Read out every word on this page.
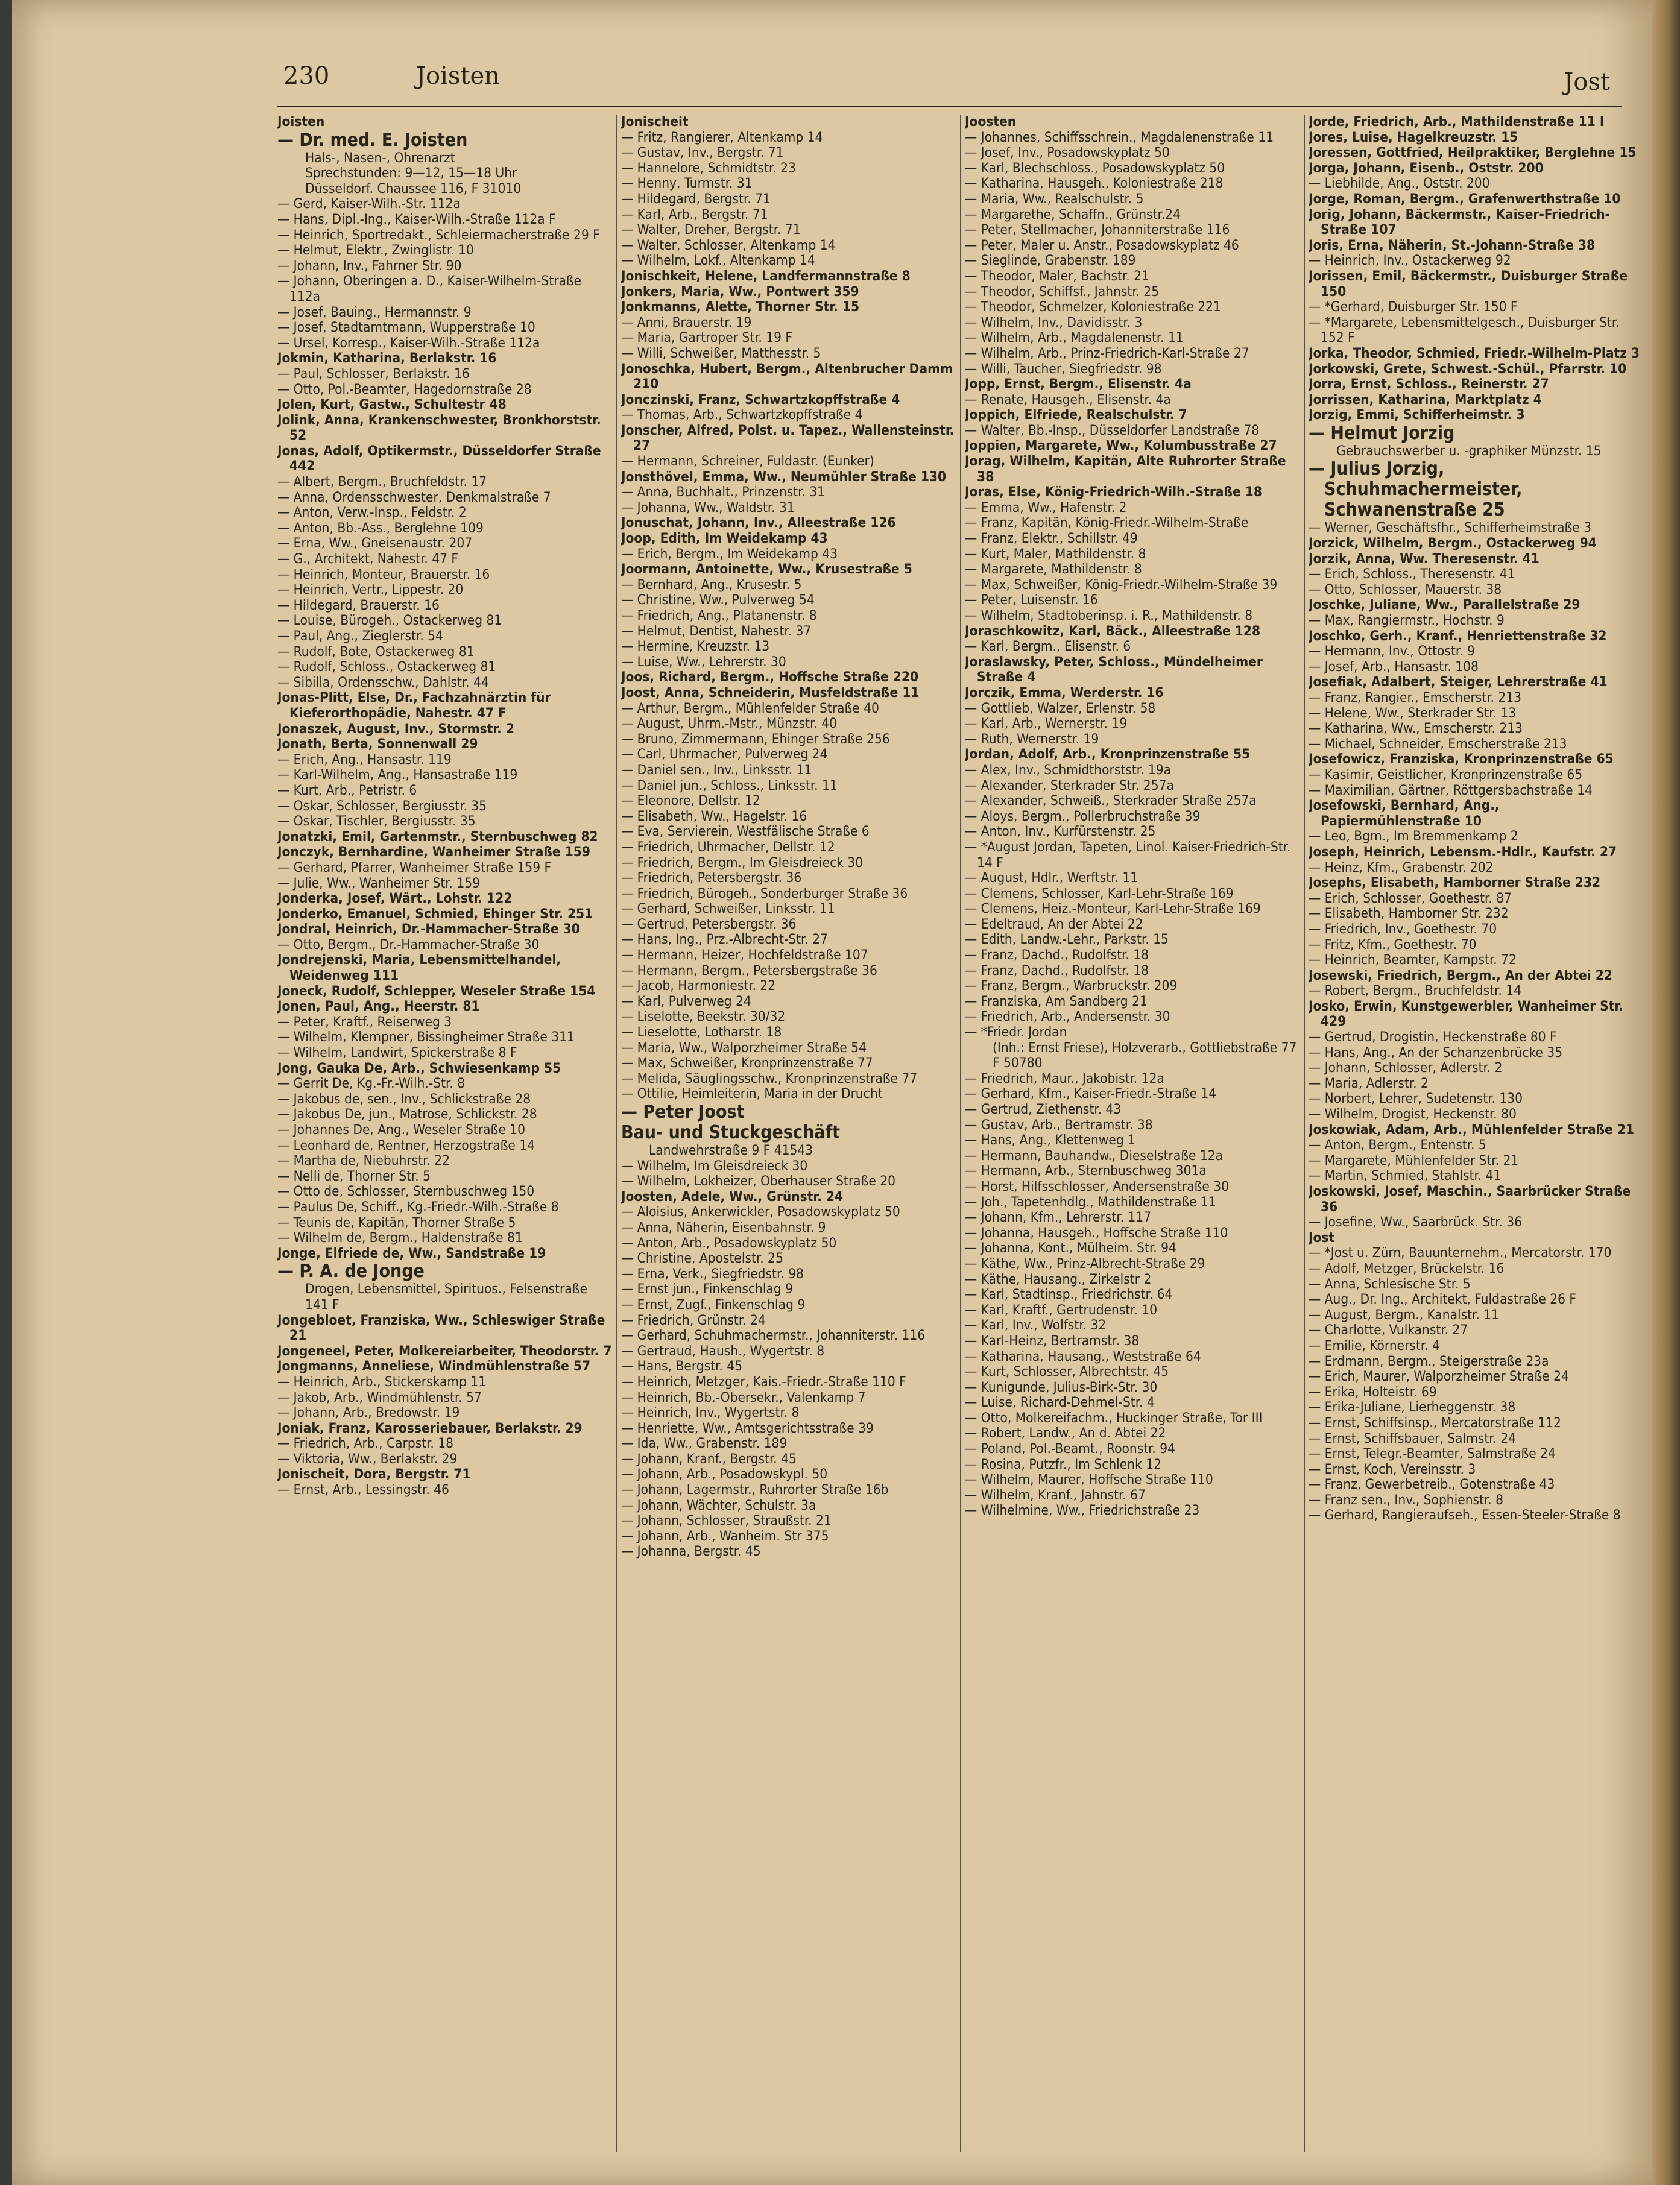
230	Joisten	Jost

Joisten

— Dr. med. E. Joisten

Hals-, Nasen-, Ohrenarzt

Sprechstunden: 9—12, 15—18 Uhr

Düsseldorf. Chaussee 116, F 31010

— Gerd, Kaiser-Wilh.-Str. 112a

— Hans, Dipl.-Ing., Kaiser-Wilh.-Straße 112a F

— Heinrich, Sportredakt., Schleiermacherstraße 29 F

— Helmut, Elektr., Zwinglistr. 10

— Johann, Inv., Fahrner Str. 90

— Johann, Oberingen a. D., Kaiser-Wilhelm-Straße 112a

— Josef, Bauing., Hermannstr. 9

— Josef, Stadtamtmann, Wupperstraße 10

— Ursel, Korresp., Kaiser-Wilh.-Straße 112a

Jokmin, Katharina, Berlakstr. 16

— Paul, Schlosser, Berlakstr. 16

— Otto, Pol.-Beamter, Hagedornstraße 28

Jolen, Kurt, Gastw., Schultestr 48

Jolink, Anna, Krankenschwester, Bronkhorststr. 52

Jonas, Adolf, Optikermstr., Düsseldorfer Straße 442

— Albert, Bergm., Bruchfeldstr. 17

— Anna, Ordensschwester, Denkmalstraße 7

— Anton, Verw.-Insp., Feldstr. 2

— Anton, Bb.-Ass., Berglehne 109

— Erna, Ww., Gneisenaustr. 207

— G., Architekt, Nahestr. 47 F

— Heinrich, Monteur, Brauerstr. 16

— Heinrich, Vertr., Lippestr. 20

— Hildegard, Brauerstr. 16

— Louise, Bürogeh., Ostackerweg 81

— Paul, Ang., Zieglerstr. 54

— Rudolf, Bote, Ostackerweg 81

— Rudolf, Schloss., Ostackerweg 81

— Sibilla, Ordensschw., Dahlstr. 44

Jonas-Plitt, Else, Dr., Fachzahnärztin für Kieferorthopädie, Nahestr. 47 F

Jonaszek, August, Inv., Stormstr. 2

Jonath, Berta, Sonnenwall 29

— Erich, Ang., Hansastr. 119

— Karl-Wilhelm, Ang., Hansastraße 119

— Kurt, Arb., Petristr. 6

— Oskar, Schlosser, Bergiusstr. 35

— Oskar, Tischler, Bergiusstr. 35

Jonatzki, Emil, Gartenmstr., Sternbuschweg 82

Jonczyk, Bernhardine, Wanheimer Straße 159

— Gerhard, Pfarrer, Wanheimer Straße 159 F

— Julie, Ww., Wanheimer Str. 159

Jonderka, Josef, Wärt., Lohstr. 122

Jonderko, Emanuel, Schmied, Ehinger Str. 251

Jondral, Heinrich, Dr.-Hammacher-Straße 30

— Otto, Bergm., Dr.-Hammacher-Straße 30

Jondrejenski, Maria, Lebensmittelhandel, Weidenweg 111

Joneck, Rudolf, Schlepper, Weseler Straße 154

Jonen, Paul, Ang., Heerstr. 81

— Peter, Kraftf., Reiserweg 3

— Wilhelm, Klempner, Bissingheimer Straße 311

— Wilhelm, Landwirt, Spickerstraße 8 F

Jong, Gauka De, Arb., Schwiesenkamp 55

— Gerrit De, Kg.-Fr.-Wilh.-Str. 8

— Jakobus de, sen., Inv., Schlickstraße 28

— Jakobus De, jun., Matrose, Schlickstr. 28

— Johannes De, Ang., Weseler Straße 10

— Leonhard de, Rentner, Herzogstraße 14

— Martha de, Niebuhrstr. 22

— Nelli de, Thorner Str. 5

— Otto de, Schlosser, Sternbuschweg 150

— Paulus De, Schiff., Kg.-Friedr.-Wilh.-Straße 8

— Teunis de, Kapitän, Thorner Straße 5

— Wilhelm de, Bergm., Haldenstraße 81

Jonge, Elfriede de, Ww., Sandstraße 19

— P. A. de Jonge

Drogen, Lebensmittel, Spirituos., Felsenstraße 141 F

Jongebloet, Franziska, Ww., Schleswiger Straße 21

Jongeneel, Peter, Molkereiarbeiter, Theodorstr. 7

Jongmanns, Anneliese, Windmühlenstraße 57

— Heinrich, Arb., Stickerskamp 11

— Jakob, Arb., Windmühlenstr. 57

— Johann, Arb., Bredowstr. 19

Joniak, Franz, Karosseriebauer, Berlakstr. 29

— Friedrich, Arb., Carpstr. 18

— Viktoria, Ww., Berlakstr. 29

Jonischeit, Dora, Bergstr. 71

— Ernst, Arb., Lessingstr. 46

Jonischeit

— Fritz, Rangierer, Altenkamp 14

— Gustav, Inv., Bergstr. 71

— Hannelore, Schmidtstr. 23

— Henny, Turmstr. 31

— Hildegard, Bergstr. 71

— Karl, Arb., Bergstr. 71

— Walter, Dreher, Bergstr. 71

— Walter, Schlosser, Altenkamp 14

— Wilhelm, Lokf., Altenkamp 14

Jonischkeit, Helene, Landfermannstraße 8

Jonkers, Maria, Ww., Pontwert 359

Jonkmanns, Alette, Thorner Str. 15

— Anni, Brauerstr. 19

— Maria, Gartroper Str. 19 F

— Willi, Schweißer, Matthesstr. 5

Jonoschka, Hubert, Bergm., Altenbrucher Damm 210

Jonczinski, Franz, Schwartzkopffstraße 4

— Thomas, Arb., Schwartzkopffstraße 4

Jonscher, Alfred, Polst. u. Tapez., Wallensteinstr. 27

— Hermann, Schreiner, Fuldastr. (Eunker)

Jonsthövel, Emma, Ww., Neumühler Straße 130

— Anna, Buchhalt., Prinzenstr. 31

— Johanna, Ww., Waldstr. 31

Jonuschat, Johann, Inv., Alleestraße 126

Joop, Edith, Im Weidekamp 43

— Erich, Bergm., Im Weidekamp 43

Joormann, Antoinette, Ww., Krusestraße 5

— Bernhard, Ang., Krusestr. 5

— Christine, Ww., Pulverweg 54

— Friedrich, Ang., Platanenstr. 8

— Helmut, Dentist, Nahestr. 37

— Hermine, Kreuzstr. 13

— Luise, Ww., Lehrerstr. 30

Joos, Richard, Bergm., Hoffsche Straße 220

Joost, Anna, Schneiderin, Musfeldstraße 11

— Arthur, Bergm., Mühlenfelder Straße 40

— August, Uhrm.-Mstr., Münzstr. 40

— Bruno, Zimmermann, Ehinger Straße 256

— Carl, Uhrmacher, Pulverweg 24

— Daniel sen., Inv., Linksstr. 11

— Daniel jun., Schloss., Linksstr. 11

— Eleonore, Dellstr. 12

— Elisabeth, Ww., Hagelstr. 16

— Eva, Servierein, Westfälische Straße 6

— Friedrich, Uhrmacher, Dellstr. 12

— Friedrich, Bergm., Im Gleisdreieck 30

— Friedrich, Petersbergstr. 36

— Friedrich, Bürogeh., Sonderburger Straße 36

— Gerhard, Schweißer, Linksstr. 11

— Gertrud, Petersbergstr. 36

— Hans, Ing., Prz.-Albrecht-Str. 27

— Hermann, Heizer, Hochfeldstraße 107

— Hermann, Bergm., Petersbergstraße 36

— Jacob, Harmoniestr. 22

— Karl, Pulverweg 24

— Liselotte, Beekstr. 30/32

— Lieselotte, Lotharstr. 18

— Maria, Ww., Walporzheimer Straße 54

— Max, Schweißer, Kronprinzenstraße 77

— Melida, Säuglingsschw., Kronprinzenstraße 77

— Ottilie, Heimleiterin, Maria in der Drucht

— Peter Joost

Bau- und Stuckgeschäft

Landwehrstraße 9 F 41543

— Wilhelm, Im Gleisdreieck 30

— Wilhelm, Lokheizer, Oberhauser Straße 20

Joosten, Adele, Ww., Grünstr. 24

— Aloisius, Ankerwickler, Posadowskyplatz 50

— Anna, Näherin, Eisenbahnstr. 9

— Anton, Arb., Posadowskyplatz 50

— Christine, Apostelstr. 25

— Erna, Verk., Siegfriedstr. 98

— Ernst jun., Finkenschlag 9

— Ernst, Zugf., Finkenschlag 9

— Friedrich, Grünstr. 24

— Gerhard, Schuhmachermstr., Johanniterstr. 116

— Gertraud, Haush., Wygertstr. 8

— Hans, Bergstr. 45

— Heinrich, Metzger, Kais.-Friedr.-Straße 110 F

— Heinrich, Bb.-Obersekr., Valenkamp 7

— Heinrich, Inv., Wygertstr. 8

— Henriette, Ww., Amtsgerichtsstraße 39

— Ida, Ww., Grabenstr. 189

— Johann, Kranf., Bergstr. 45

— Johann, Arb., Posadowskypl. 50

— Johann, Lagermstr., Ruhrorter Straße 16b

— Johann, Wächter, Schulstr. 3a

— Johann, Schlosser, Straußstr. 21

— Johann, Arb., Wanheim. Str 375

— Johanna, Bergstr. 45

Joosten

— Johannes, Schiffsschrein., Magdalenenstraße 11

— Josef, Inv., Posadowskyplatz 50

— Karl, Blechschloss., Posadowskyplatz 50

— Katharina, Hausgeh., Koloniestraße 218

— Maria, Ww., Realschulstr. 5

— Margarethe, Schaffn., Grünstr.24

— Peter, Stellmacher, Johanniterstraße 116

— Peter, Maler u. Anstr., Posadowskyplatz 46

— Sieglinde, Grabenstr. 189

— Theodor, Maler, Bachstr. 21

— Theodor, Schiffsf., Jahnstr. 25

— Theodor, Schmelzer, Koloniestraße 221

— Wilhelm, Inv., Davidisstr. 3

— Wilhelm, Arb., Magdalenenstr. 11

— Wilhelm, Arb., Prinz-Friedrich-Karl-Straße 27

— Willi, Taucher, Siegfriedstr. 98

Jopp, Ernst, Bergm., Elisenstr. 4a

— Renate, Hausgeh., Elisenstr. 4a

Joppich, Elfriede, Realschulstr. 7

— Walter, Bb.-Insp., Düsseldorfer Landstraße 78

Joppien, Margarete, Ww., Kolumbusstraße 27

Jorag, Wilhelm, Kapitän, Alte Ruhrorter Straße 38

Joras, Else, König-Friedrich-Wilh.-Straße 18

— Emma, Ww., Hafenstr. 2

— Franz, Kapitän, König-Friedr.-Wilhelm-Straße

— Franz, Elektr., Schillstr. 49

— Kurt, Maler, Mathildenstr. 8

— Margarete, Mathildenstr. 8

— Max, Schweißer, König-Friedr.-Wilhelm-Straße 39

— Peter, Luisenstr. 16

— Wilhelm, Stadtoberinsp. i. R., Mathildenstr. 8

Joraschkowitz, Karl, Bäck., Alleestraße 128

— Karl, Bergm., Elisenstr. 6

Joraslawsky, Peter, Schloss., Mündelheimer Straße 4

Jorczik, Emma, Werderstr. 16

— Gottlieb, Walzer, Erlenstr. 58

— Karl, Arb., Wernerstr. 19

— Ruth, Wernerstr. 19

Jordan, Adolf, Arb., Kronprinzenstraße 55

— Alex, Inv., Schmidthorststr. 19a

— Alexander, Sterkrader Str. 257a

— Alexander, Schweiß., Sterkrader Straße 257a

— Aloys, Bergm., Pollerbruchstraße 39

— Anton, Inv., Kurfürstenstr. 25

— *August Jordan, Tapeten, Linol. Kaiser-Friedrich-Str. 14 F

— August, Hdlr., Werftstr. 11

— Clemens, Schlosser, Karl-Lehr-Straße 169

— Clemens, Heiz.-Monteur, Karl-Lehr-Straße 169

— Edeltraud, An der Abtei 22

— Edith, Landw.-Lehr., Parkstr. 15

— Franz, Dachd., Rudolfstr. 18

— Franz, Dachd., Rudolfstr. 18

— Franz, Bergm., Warbruckstr. 209

— Franziska, Am Sandberg 21

— Friedrich, Arb., Andersenstr. 30

— *Friedr. Jordan

(Inh.: Ernst Friese), Holzverarb., Gottliebstraße 77 F 50780

— Friedrich, Maur., Jakobistr. 12a

— Gerhard, Kfm., Kaiser-Friedr.-Straße 14

— Gertrud, Ziethenstr. 43

— Gustav, Arb., Bertramstr. 38

— Hans, Ang., Klettenweg 1

— Hermann, Bauhandw., Dieselstraße 12a

— Hermann, Arb., Sternbuschweg 301a

— Horst, Hilfsschlosser, Andersenstraße 30

— Joh., Tapetenhdlg., Mathildenstraße 11

— Johann, Kfm., Lehrerstr. 117

— Johanna, Hausgeh., Hoffsche Straße 110

— Johanna, Kont., Mülheim. Str. 94

— Käthe, Ww., Prinz-Albrecht-Straße 29

— Käthe, Hausang., Zirkelstr 2

— Karl, Stadtinsp., Friedrichstr. 64

— Karl, Kraftf., Gertrudenstr. 10

— Karl, Inv., Wolfstr. 32

— Karl-Heinz, Bertramstr. 38

— Katharina, Hausang., Weststraße 64

— Kurt, Schlosser, Albrechtstr. 45

— Kunigunde, Julius-Birk-Str. 30

— Luise, Richard-Dehmel-Str. 4

— Otto, Molkereifachm., Huckinger Straße, Tor III

— Robert, Landw., An d. Abtei 22

— Poland, Pol.-Beamt., Roonstr. 94

— Rosina, Putzfr., Im Schlenk 12

— Wilhelm, Maurer, Hoffsche Straße 110

— Wilhelm, Kranf., Jahnstr. 67

— Wilhelmine, Ww., Friedrichstraße 23

Jorde, Friedrich, Arb., Mathildenstraße 11 I

Jores, Luise, Hagelkreuzstr. 15

Joressen, Gottfried, Heilpraktiker, Berglehne 15

Jorga, Johann, Eisenb., Oststr. 200

— Liebhilde, Ang., Oststr. 200

Jorge, Roman, Bergm., Grafenwerthstraße 10

Jorig, Johann, Bäckermstr., Kaiser-Friedrich-Straße 107

Joris, Erna, Näherin, St.-Johann-Straße 38

— Heinrich, Inv., Ostackerweg 92

Jorissen, Emil, Bäckermstr., Duisburger Straße 150

— *Gerhard, Duisburger Str. 150 F

— *Margarete, Lebensmittelgesch., Duisburger Str. 152 F

Jorka, Theodor, Schmied, Friedr.-Wilhelm-Platz 3

Jorkowski, Grete, Schwest.-Schül., Pfarrstr. 10

Jorra, Ernst, Schloss., Reinerstr. 27

Jorrissen, Katharina, Marktplatz 4

Jorzig, Emmi, Schifferheimstr. 3

— Helmut Jorzig

Gebrauchswerber u. -graphiker Münzstr. 15

— Julius Jorzig, Schuhmachermeister, Schwanenstraße 25

— Werner, Geschäftsfhr., Schifferheimstraße 3

Jorzick, Wilhelm, Bergm., Ostackerweg 94

Jorzik, Anna, Ww. Theresenstr. 41

— Erich, Schloss., Theresenstr. 41

— Otto, Schlosser, Mauerstr. 38

Joschke, Juliane, Ww., Parallelstraße 29

— Max, Rangiermstr., Hochstr. 9

Joschko, Gerh., Kranf., Henriettenstraße 32

— Hermann, Inv., Ottostr. 9

— Josef, Arb., Hansastr. 108

Josefiak, Adalbert, Steiger, Lehrerstraße 41

— Franz, Rangier., Emscherstr. 213

— Helene, Ww., Sterkrader Str. 13

— Katharina, Ww., Emscherstr. 213

— Michael, Schneider, Emscherstraße 213

Josefowicz, Franziska, Kronprinzenstraße 65

— Kasimir, Geistlicher, Kronprinzenstraße 65

— Maximilian, Gärtner, Röttgersbachstraße 14

Josefowski, Bernhard, Ang., Papiermühlenstraße 10

— Leo, Bgm., Im Bremmenkamp 2

Joseph, Heinrich, Lebensm.-Hdlr., Kaufstr. 27

— Heinz, Kfm., Grabenstr. 202

Josephs, Elisabeth, Hamborner Straße 232

— Erich, Schlosser, Goethestr. 87

— Elisabeth, Hamborner Str. 232

— Friedrich, Inv., Goethestr. 70

— Fritz, Kfm., Goethestr. 70

— Heinrich, Beamter, Kampstr. 72

Josewski, Friedrich, Bergm., An der Abtei 22

— Robert, Bergm., Bruchfeldstr. 14

Josko, Erwin, Kunstgewerbler, Wanheimer Str. 429

— Gertrud, Drogistin, Heckenstraße 80 F

— Hans, Ang., An der Schanzenbrücke 35

— Johann, Schlosser, Adlerstr. 2

— Maria, Adlerstr. 2

— Norbert, Lehrer, Sudetenstr. 130

— Wilhelm, Drogist, Heckenstr. 80

Joskowiak, Adam, Arb., Mühlenfelder Straße 21

— Anton, Bergm., Entenstr. 5

— Margarete, Mühlenfelder Str. 21

— Martin, Schmied, Stahlstr. 41

Joskowski, Josef, Maschin., Saarbrücker Straße 36

— Josefine, Ww., Saarbrück. Str. 36

Jost

— *Jost u. Zürn, Bauunternehm., Mercatorstr. 170

— Adolf, Metzger, Brückelstr. 16

— Anna, Schlesische Str. 5

— Aug., Dr. Ing., Architekt, Fuldastraße 26 F

— August, Bergm., Kanalstr. 11

— Charlotte, Vulkanstr. 27

— Emilie, Körnerstr. 4

— Erdmann, Bergm., Steigerstraße 23a

— Erich, Maurer, Walporzheimer Straße 24

— Erika, Holteistr. 69

— Erika-Juliane, Lierheggenstr. 38

— Ernst, Schiffsinsp., Mercatorstraße 112

— Ernst, Schiffsbauer, Salmstr. 24

— Ernst, Telegr.-Beamter, Salmstraße 24

— Ernst, Koch, Vereinsstr. 3

— Franz, Gewerbetreib., Gotenstraße 43

— Franz sen., Inv., Sophienstr. 8

— Gerhard, Rangieraufseh., Essen-Steeler-Straße 8
